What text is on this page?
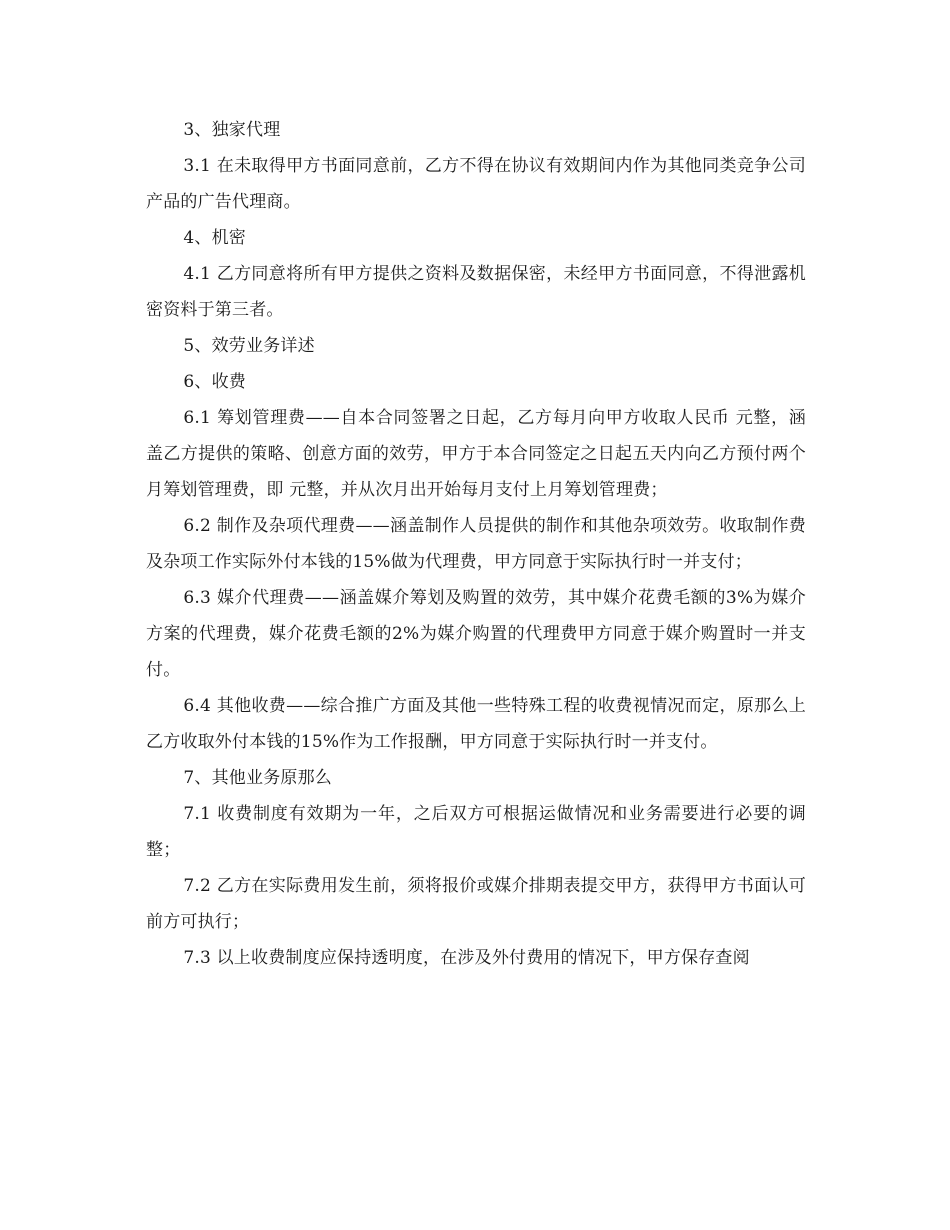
3、独家代理

3.1 在未取得甲方书面同意前，乙方不得在协议有效期间内作为其他同类竞争公司产品的广告代理商。

4、机密

4.1 乙方同意将所有甲方提供之资料及数据保密，未经甲方书面同意，不得泄露机密资料于第三者。

5、效劳业务详述

6、收费

6.1 筹划管理费——自本合同签署之日起，乙方每月向甲方收取人民币 元整，涵盖乙方提供的策略、创意方面的效劳，甲方于本合同签定之日起五天内向乙方预付两个月筹划管理费，即 元整，并从次月出开始每月支付上月筹划管理费；

6.2 制作及杂项代理费——涵盖制作人员提供的制作和其他杂项效劳。收取制作费及杂项工作实际外付本钱的15%做为代理费，甲方同意于实际执行时一并支付；

6.3 媒介代理费——涵盖媒介筹划及购置的效劳，其中媒介花费毛额的3%为媒介方案的代理费，媒介花费毛额的2%为媒介购置的代理费甲方同意于媒介购置时一并支付。

6.4 其他收费——综合推广方面及其他一些特殊工程的收费视情况而定，原那么上乙方收取外付本钱的15%作为工作报酬，甲方同意于实际执行时一并支付。

7、其他业务原那么

7.1 收费制度有效期为一年，之后双方可根据运做情况和业务需要进行必要的调整；

7.2 乙方在实际费用发生前，须将报价或媒介排期表提交甲方，获得甲方书面认可前方可执行；

7.3 以上收费制度应保持透明度，在涉及外付费用的情况下，甲方保存查阅
